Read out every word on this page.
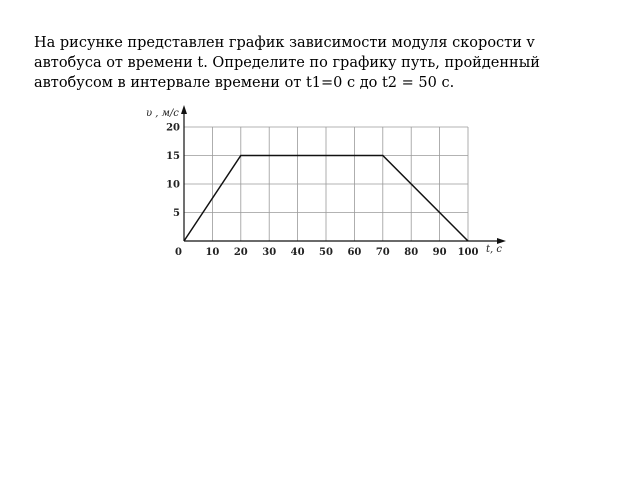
На рисунке представлен график зависимости модуля скорости v
автобуса от времени t. Определите по графику путь, пройденный
автобусом в интервале времени от t1=0 с до t2 = 50 с.
10 20 30 40 50 60 70 80 90 100
5
10
15
20
υ , м/с
t, с
0
